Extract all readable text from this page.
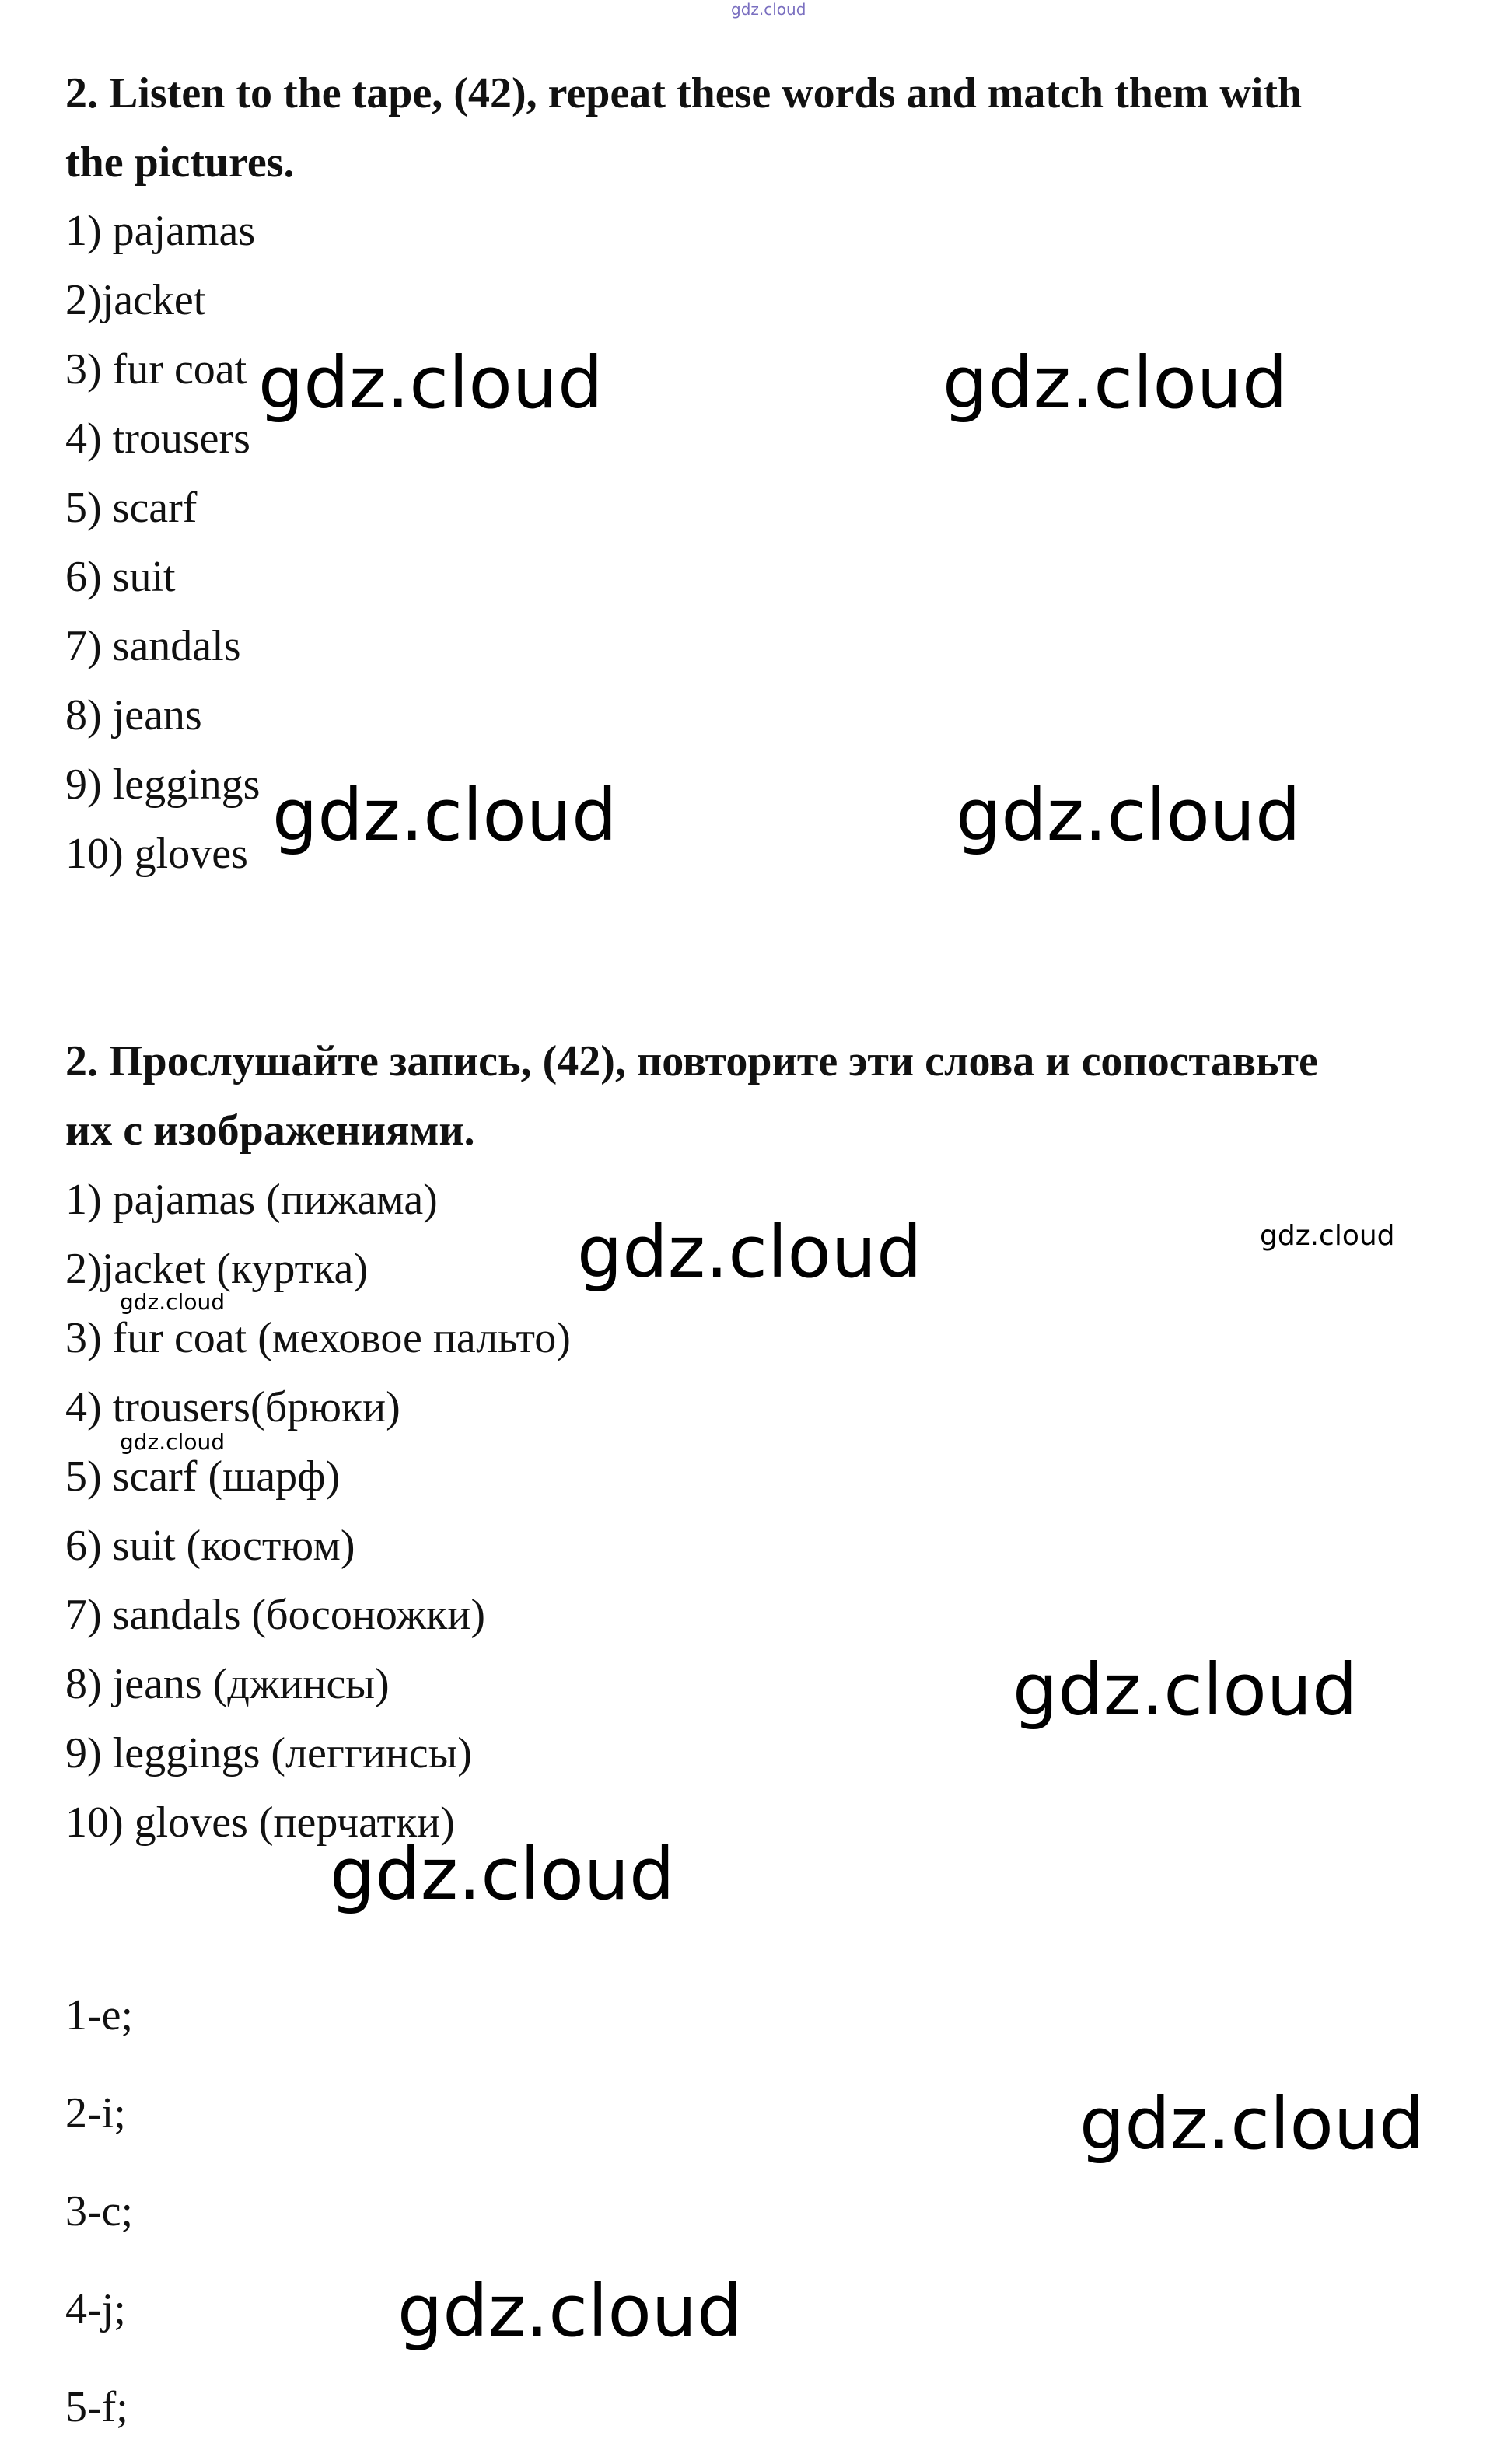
gdz.cloud
2. Listen to the tape, (42), repeat these words and match them with
the pictures.
1) pajamas
2)jacket
3) fur coat
4) trousers
5) scarf
6) suit
7) sandals
8) jeans
9) leggings
10) gloves
2. Прослушайте запись, (42), повторите эти слова и сопоставьте
их с изображениями.
1) pajamas (пижама)
2)jacket (куртка)
3) fur coat (меховое пальто)
4) trousers(брюки)
5) scarf (шарф)
6) suit (костюм)
7) sandals (босоножки)
8) jeans (джинсы)
9) leggings (леггинсы)
10) gloves (перчатки)
1-e;
2-i;
3-c;
4-j;
5-f;
gdz.cloud	gdz.cloud
gdz.cloud	gdz.cloud
gdz.cloud	gdz.cloud
gdz.cloud
gdz.cloud
gdz.cloud
gdz.cloud
gdz.cloud
gdz.cloud
